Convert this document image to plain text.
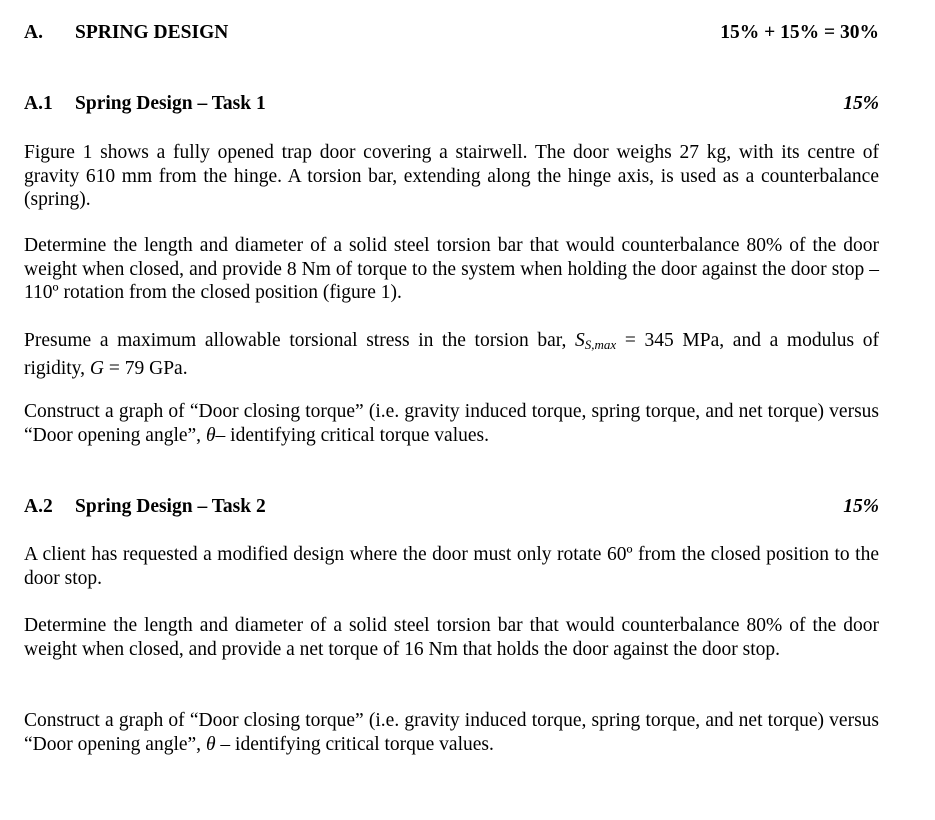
A. SPRING DESIGN	15% + 15% = 30%
A.1 Spring Design – Task 1	15%

Figure 1 shows a fully opened trap door covering a stairwell. The door weighs 27 kg, with its centre of gravity 610 mm from the hinge. A torsion bar, extending along the hinge axis, is used as a counterbalance (spring).

Determine the length and diameter of a solid steel torsion bar that would counterbalance 80% of the door weight when closed, and provide 8 Nm of torque to the system when holding the door against the door stop – 110º rotation from the closed position (figure 1).

Presume a maximum allowable torsional stress in the torsion bar, $S_{S,max} = 345$ MPa, and a modulus of rigidity, G = 79 GPa.

Construct a graph of “Door closing torque” (i.e. gravity induced torque, spring torque, and net torque) versus “Door opening angle”, θ– identifying critical torque values.

A.2 Spring Design – Task 2	15%

A client has requested a modified design where the door must only rotate 60º from the closed position to the door stop.

Determine the length and diameter of a solid steel torsion bar that would counterbalance 80% of the door weight when closed, and provide a net torque of 16 Nm that holds the door against the door stop.

Construct a graph of “Door closing torque” (i.e. gravity induced torque, spring torque, and net torque) versus “Door opening angle”, θ – identifying critical torque values.
